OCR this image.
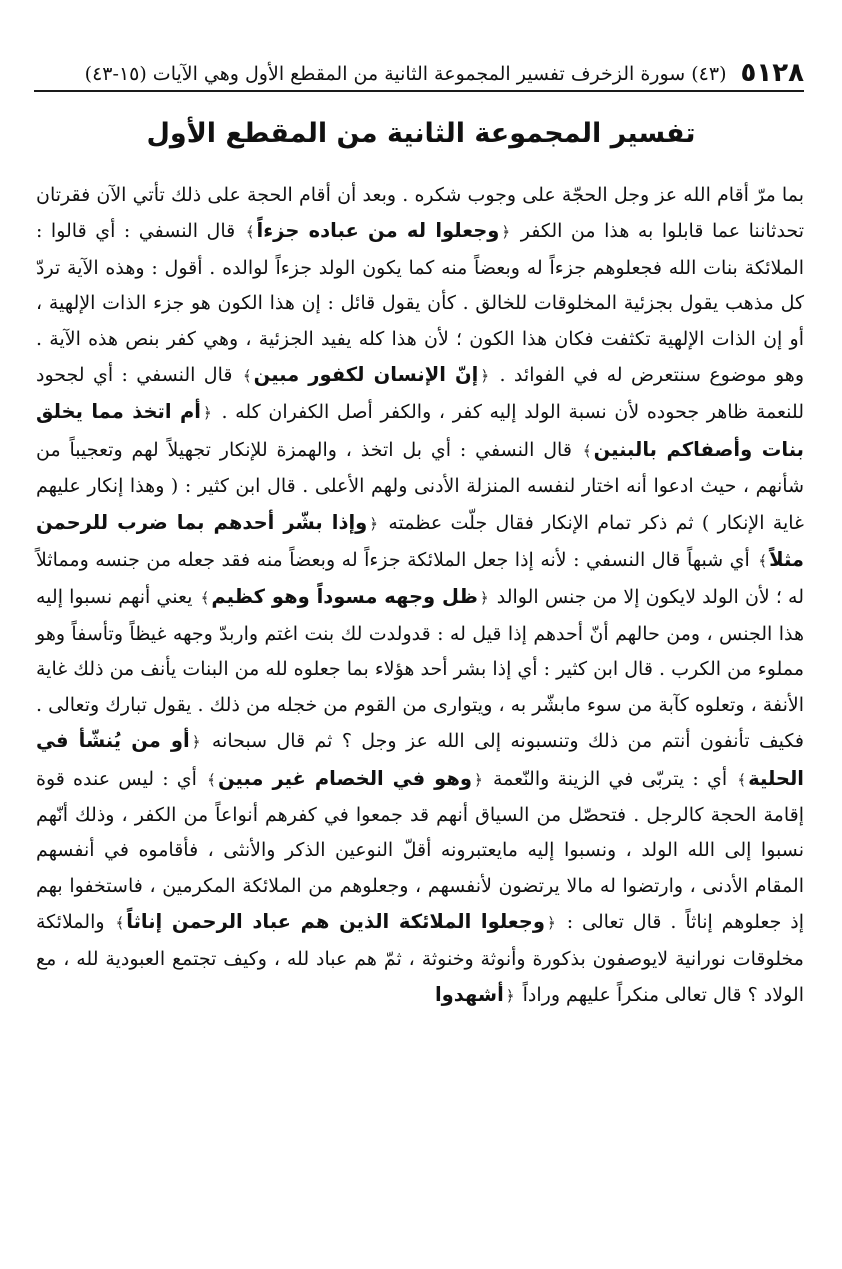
٥١٢٨
(٤٣) سورة الزخرف تفسير المجموعة الثانية من المقطع الأول وهي الآيات (١٥-٤٣)
تفسير المجموعة الثانية من المقطع الأول

بما مرّ أقام الله عز وجل الحجّة على وجوب شكره . وبعد أن أقام الحجة على ذلك تأتي الآن فقرتان تحدثاننا عما قابلوا به هذا من الكفر ﴿وجعلوا له من عباده جزءاً﴾ قال النسفي : أي قالوا : الملائكة بنات الله فجعلوهم جزءاً له وبعضاً منه كما يكون الولد جزءاً لوالده . أقول : وهذه الآية تردّ كل مذهب يقول بجزئية المخلوقات للخالق . كأن يقول قائل : إن هذا الكون هو جزء الذات الإلهية ، أو إن الذات الإلهية تكثفت فكان هذا الكون ؛ لأن هذا كله يفيد الجزئية ، وهي كفر بنص هذه الآية . وهو موضوع سنتعرض له في الفوائد . ﴿إنّ الإنسان لكفور مبين﴾ قال النسفي : أي لجحود للنعمة ظاهر جحوده لأن نسبة الولد إليه كفر ، والكفر أصل الكفران كله . ﴿أم اتخذ مما يخلق بنات وأصفاكم بالبنين﴾ قال النسفي : أي بل اتخذ ، والهمزة للإنكار تجهيلاً لهم وتعجيباً من شأنهم ، حيث ادعوا أنه اختار لنفسه المنزلة الأدنى ولهم الأعلى . قال ابن كثير : ( وهذا إنكار عليهم غاية الإنكار ) ثم ذكر تمام الإنكار فقال جلّت عظمته ﴿وإذا بشّر أحدهم بما ضرب للرحمن مثلاً﴾ أي شبهاً قال النسفي : لأنه إذا جعل الملائكة جزءاً له وبعضاً منه فقد جعله من جنسه ومماثلاً له ؛ لأن الولد لايكون إلا من جنس الوالد ﴿ظل وجهه مسوداً وهو كظيم﴾ يعني أنهم نسبوا إليه هذا الجنس ، ومن حالهم أنّ أحدهم إذا قيل له : قدولدت لك بنت اغتم واربدّ وجهه غيظاً وتأسفاً وهو مملوء من الكرب . قال ابن كثير : أي إذا بشر أحد هؤلاء بما جعلوه لله من البنات يأنف من ذلك غاية الأنفة ، وتعلوه كآبة من سوء مابشّر به ، ويتوارى من القوم من خجله من ذلك . يقول تبارك وتعالى . فكيف تأنفون أنتم من ذلك وتنسبونه إلى الله عز وجل ؟ ثم قال سبحانه ﴿أو من يُنشّأ في الحلية﴾ أي : يتربّى في الزينة والنّعمة ﴿وهو في الخصام غير مبين﴾ أي : ليس عنده قوة إقامة الحجة كالرجل . فتحصّل من السياق أنهم قد جمعوا في كفرهم أنواعاً من الكفر ، وذلك أنّهم نسبوا إلى الله الولد ، ونسبوا إليه مايعتبرونه أقلّ النوعين الذكر والأنثى ، فأقاموه في أنفسهم المقام الأدنى ، وارتضوا له مالا يرتضون لأنفسهم ، وجعلوهم من الملائكة المكرمين ، فاستخفوا بهم إذ جعلوهم إناثاً . قال تعالى : ﴿وجعلوا الملائكة الذين هم عباد الرحمن إناثاً﴾ والملائكة مخلوقات نورانية لايوصفون بذكورة وأنوثة وخنوثة ، ثمّ هم عباد لله ، وكيف تجتمع العبودية لله ، مع الولاد ؟ قال تعالى منكراً عليهم وراداً ﴿أشهدوا
